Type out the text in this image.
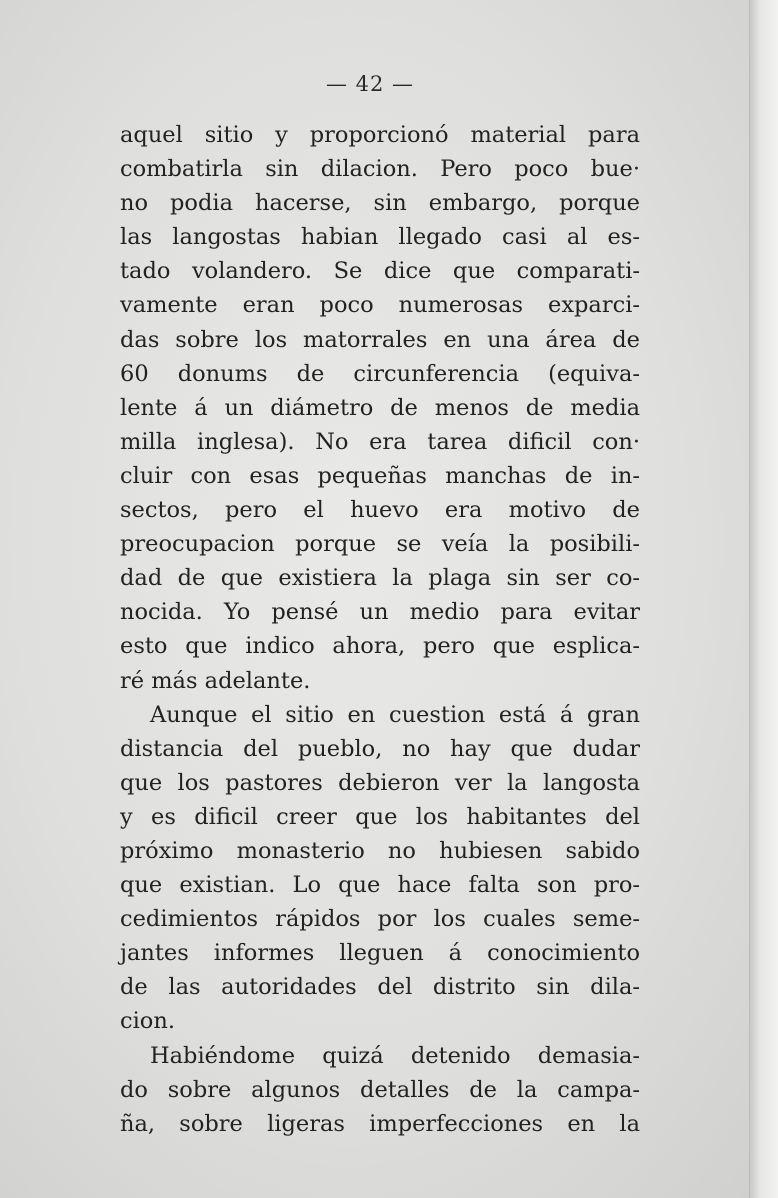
— 42 —
aquel sitio y proporcionó material para
combatirla sin dilacion. Pero poco bue·
no podia hacerse, sin embargo, porque
las langostas habian llegado casi al es-
tado volandero. Se dice que comparati-
vamente eran poco numerosas exparci-
das sobre los matorrales en una área de
60 donums de circunferencia (equiva-
lente á un diámetro de menos de media
milla inglesa). No era tarea dificil con·
cluir con esas pequeñas manchas de in-
sectos, pero el huevo era motivo de
preocupacion porque se veía la posibili-
dad de que existiera la plaga sin ser co-
nocida. Yo pensé un medio para evitar
esto que indico ahora, pero que esplica-
ré más adelante.
Aunque el sitio en cuestion está á gran
distancia del pueblo, no hay que dudar
que los pastores debieron ver la langosta
y es dificil creer que los habitantes del
próximo monasterio no hubiesen sabido
que existian. Lo que hace falta son pro-
cedimientos rápidos por los cuales seme-
jantes informes lleguen á conocimiento
de las autoridades del distrito sin dila-
cion.
Habiéndome quizá detenido demasia-
do sobre algunos detalles de la campa-
ña, sobre ligeras imperfecciones en la
